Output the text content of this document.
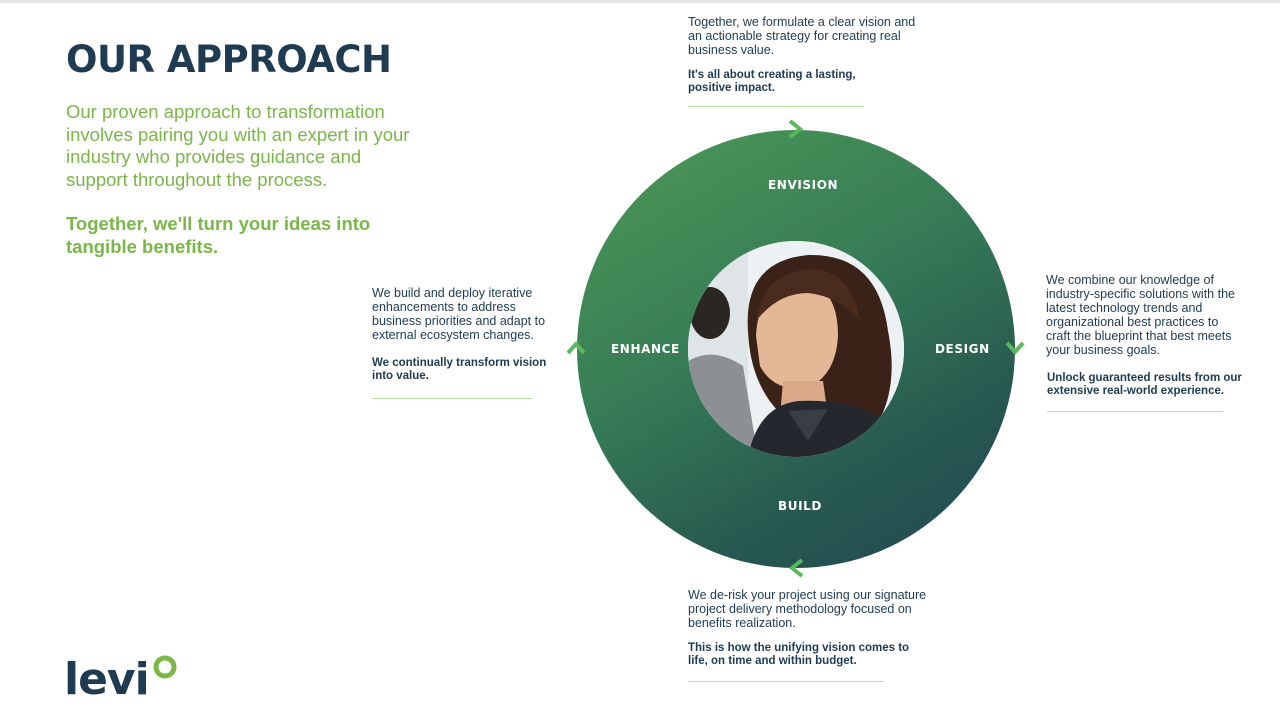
OUR APPROACH

Our proven approach to transformation involves pairing you with an expert in your industry who provides guidance and support throughout the process.

Together, we'll turn your ideas into tangible benefits.

ENVISION
DESIGN
BUILD
ENHANCE

Together, we formulate a clear vision and an actionable strategy for creating real business value.

It's all about creating a lasting, positive impact.

We combine our knowledge of industry-specific solutions with the latest technology trends and organizational best practices to craft the blueprint that best meets your business goals.

Unlock guaranteed results from our extensive real-world experience.

We de-risk your project using our signature project delivery methodology focused on benefits realization.

This is how the unifying vision comes to life, on time and within budget.

We build and deploy iterative enhancements to address business priorities and adapt to external ecosystem changes.

We continually transform vision into value.

levi
